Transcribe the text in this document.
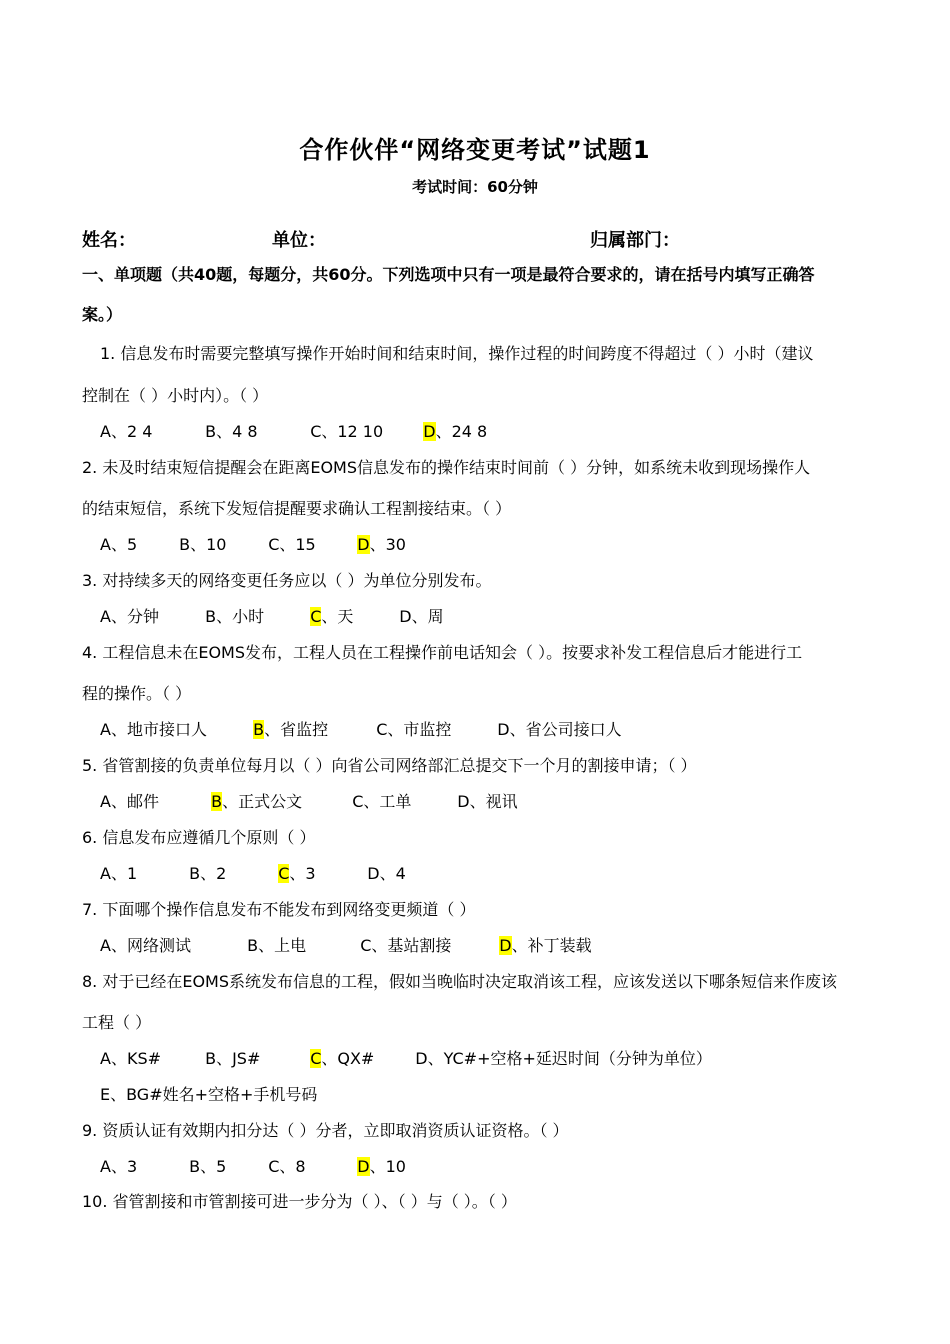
合作伙伴“网络变更考试”试题1
考试时间：60分钟
姓名：	单位：	归属部门：
一、单项题（共40题，每题分，共60分。下列选项中只有一项是最符合要求的，请在括号内填写正确答
案。）
1. 信息发布时需要完整填写操作开始时间和结束时间，操作过程的时间跨度不得超过（ ）小时（建议
控制在（ ）小时内）。（ ）
A、2 4	B、4 8	C、12 10	D、24 8
2. 未及时结束短信提醒会在距离EOMS信息发布的操作结束时间前（ ）分钟，如系统未收到现场操作人
的结束短信，系统下发短信提醒要求确认工程割接结束。（ ）
A、5	B、10	C、15	D、30
3. 对持续多天的网络变更任务应以（ ）为单位分别发布。
A、分钟	B、小时	C、天	D、周
4. 工程信息未在EOMS发布，工程人员在工程操作前电话知会（ ）。按要求补发工程信息后才能进行工
程的操作。（ ）
A、地市接口人	B、省监控	C、市监控	D、省公司接口人
5. 省管割接的负责单位每月以（ ）向省公司网络部汇总提交下一个月的割接申请；（ ）
A、邮件	B、正式公文	C、工单	D、视讯
6. 信息发布应遵循几个原则（ ）
A、1	B、2	C、3	D、4
7. 下面哪个操作信息发布不能发布到网络变更频道（ ）
A、网络测试	B、上电	C、基站割接	D、补丁装载
8. 对于已经在EOMS系统发布信息的工程，假如当晚临时决定取消该工程，应该发送以下哪条短信来作废该
工程（ ）
A、KS#	B、JS#	C、QX#	D、YC#+空格+延迟时间（分钟为单位）
E、BG#姓名+空格+手机号码
9. 资质认证有效期内扣分达（ ）分者，立即取消资质认证资格。（ ）
A、3	B、5	C、8	D、10
10. 省管割接和市管割接可进一步分为（ ）、（ ）与（ ）。（ ）
